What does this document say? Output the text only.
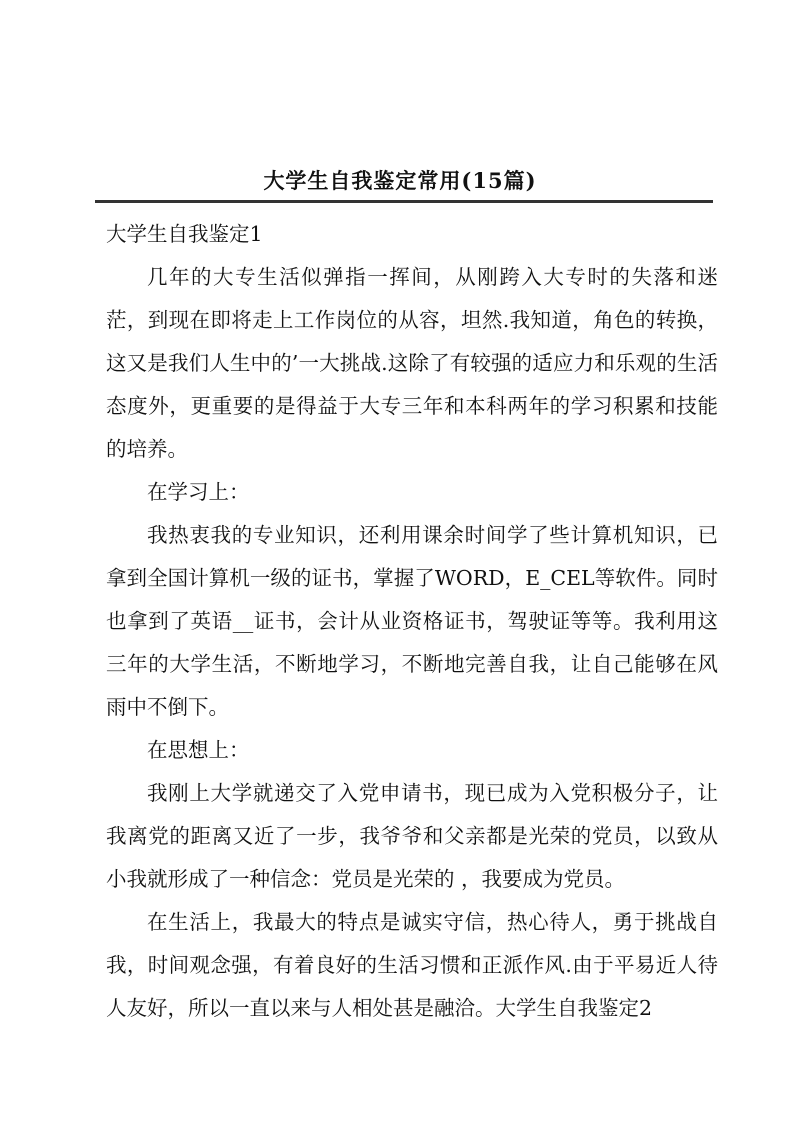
大学生自我鉴定常用(15篇)

大学生自我鉴定1

几年的大专生活似弹指一挥间，从刚跨入大专时的失落和迷茫，到现在即将走上工作岗位的从容，坦然.我知道，角色的转换，这又是我们人生中的’一大挑战.这除了有较强的适应力和乐观的生活态度外，更重要的是得益于大专三年和本科两年的学习积累和技能的培养。

在学习上：

我热衷我的专业知识，还利用课余时间学了些计算机知识，已拿到全国计算机一级的证书，掌握了WORD，E_CEL等软件。同时也拿到了英语__证书，会计从业资格证书，驾驶证等等。我利用这三年的大学生活，不断地学习，不断地完善自我，让自己能够在风雨中不倒下。

在思想上：

我刚上大学就递交了入党申请书，现已成为入党积极分子，让我离党的距离又近了一步，我爷爷和父亲都是光荣的党员，以致从小我就形成了一种信念：党员是光荣的 ，我要成为党员。

在生活上，我最大的特点是诚实守信，热心待人，勇于挑战自我，时间观念强，有着良好的生活习惯和正派作风.由于平易近人待人友好，所以一直以来与人相处甚是融洽。大学生自我鉴定2
